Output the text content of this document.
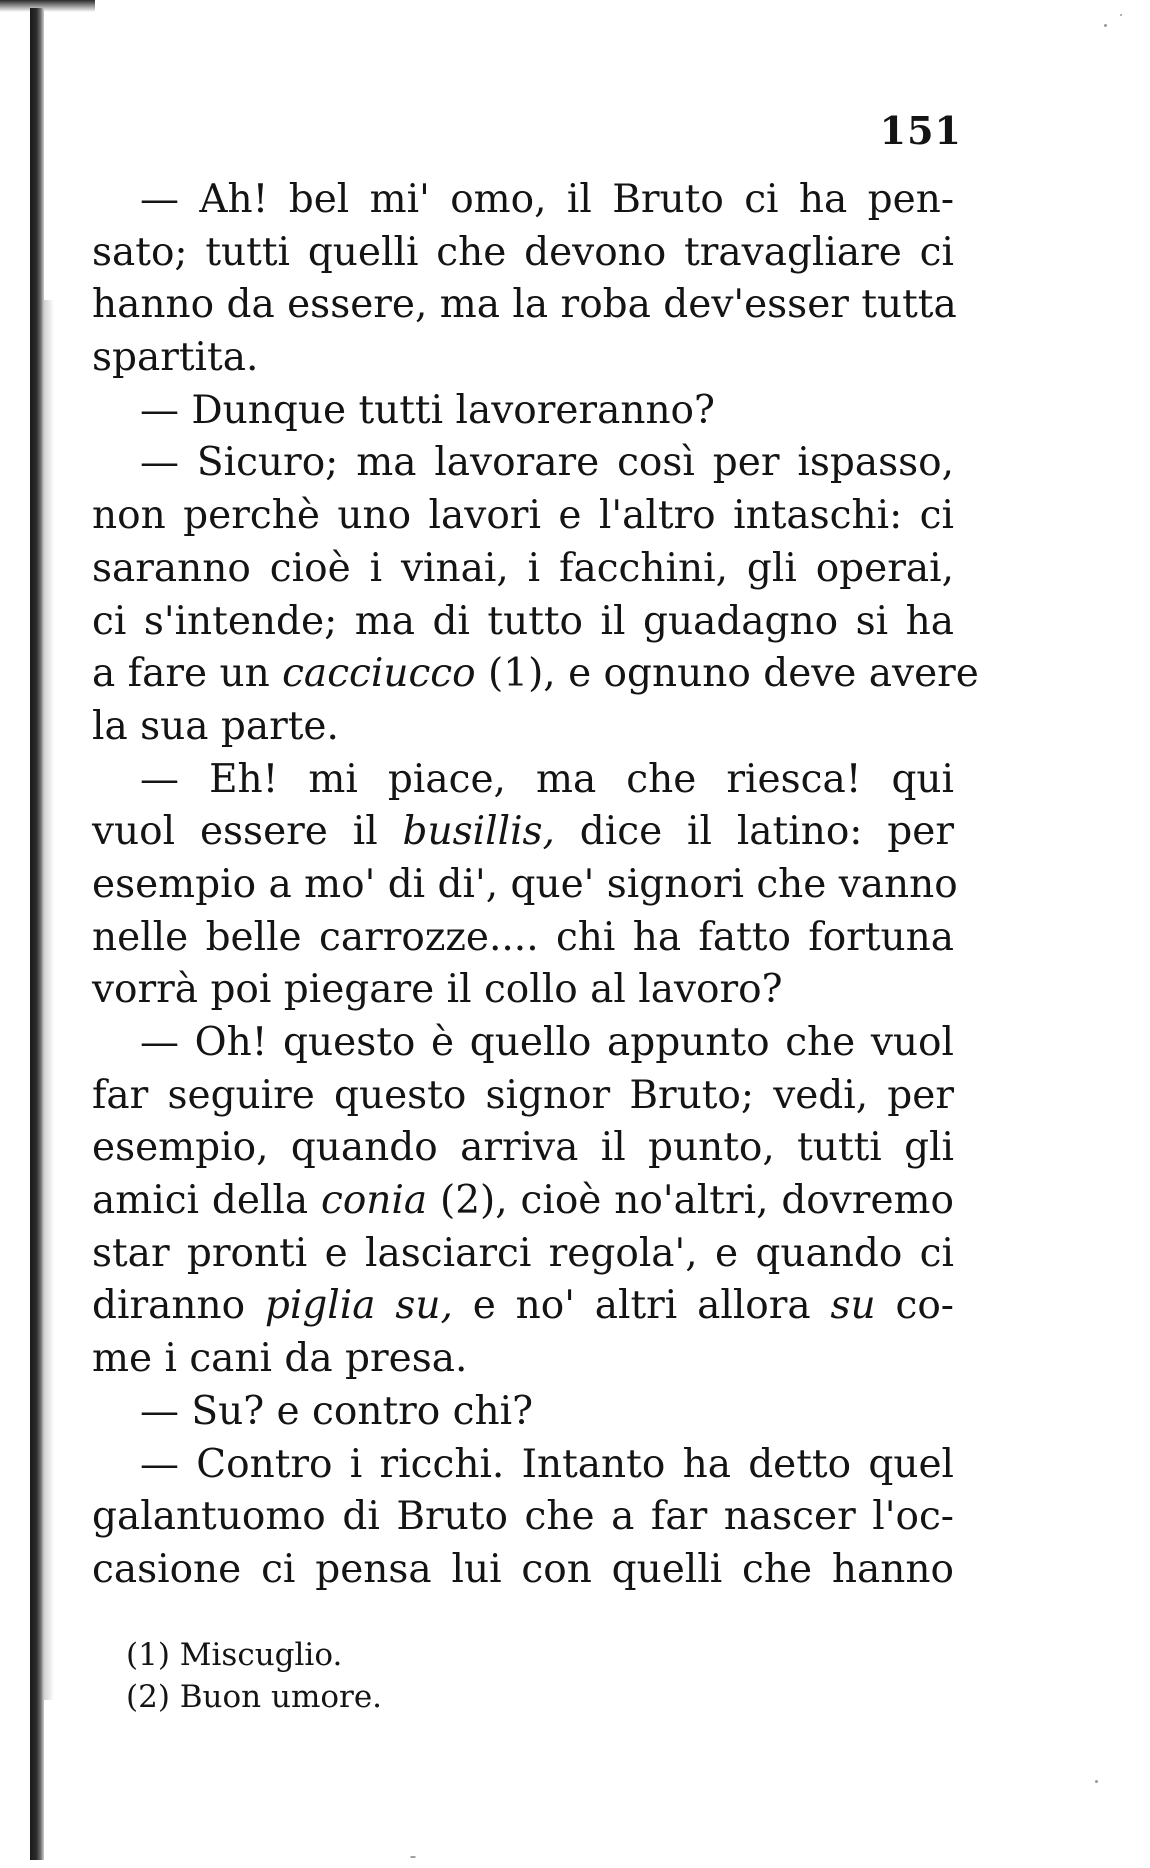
151
— Ah! bel mi' omo, il Bruto ci ha pen-
sato; tutti quelli che devono travagliare ci
hanno da essere, ma la roba dev'esser tutta
spartita.
— Dunque tutti lavoreranno?
— Sicuro; ma lavorare così per ispasso,
non perchè uno lavori e l'altro intaschi: ci
saranno cioè i vinai, i facchini, gli operai,
ci s'intende; ma di tutto il guadagno si ha
a fare un cacciucco (1), e ognuno deve avere
la sua parte.
— Eh! mi piace, ma che riesca! qui
vuol essere il busillis, dice il latino: per
esempio a mo' di di', que' signori che vanno
nelle belle carrozze.... chi ha fatto fortuna
vorrà poi piegare il collo al lavoro?
— Oh! questo è quello appunto che vuol
far seguire questo signor Bruto; vedi, per
esempio, quando arriva il punto, tutti gli
amici della conia (2), cioè no'altri, dovremo
star pronti e lasciarci regola', e quando ci
diranno piglia su, e no' altri allora su co-
me i cani da presa.
— Su? e contro chi?
— Contro i ricchi. Intanto ha detto quel
galantuomo di Bruto che a far nascer l'oc-
casione ci pensa lui con quelli che hanno
(1) Miscuglio.
(2) Buon umore.
